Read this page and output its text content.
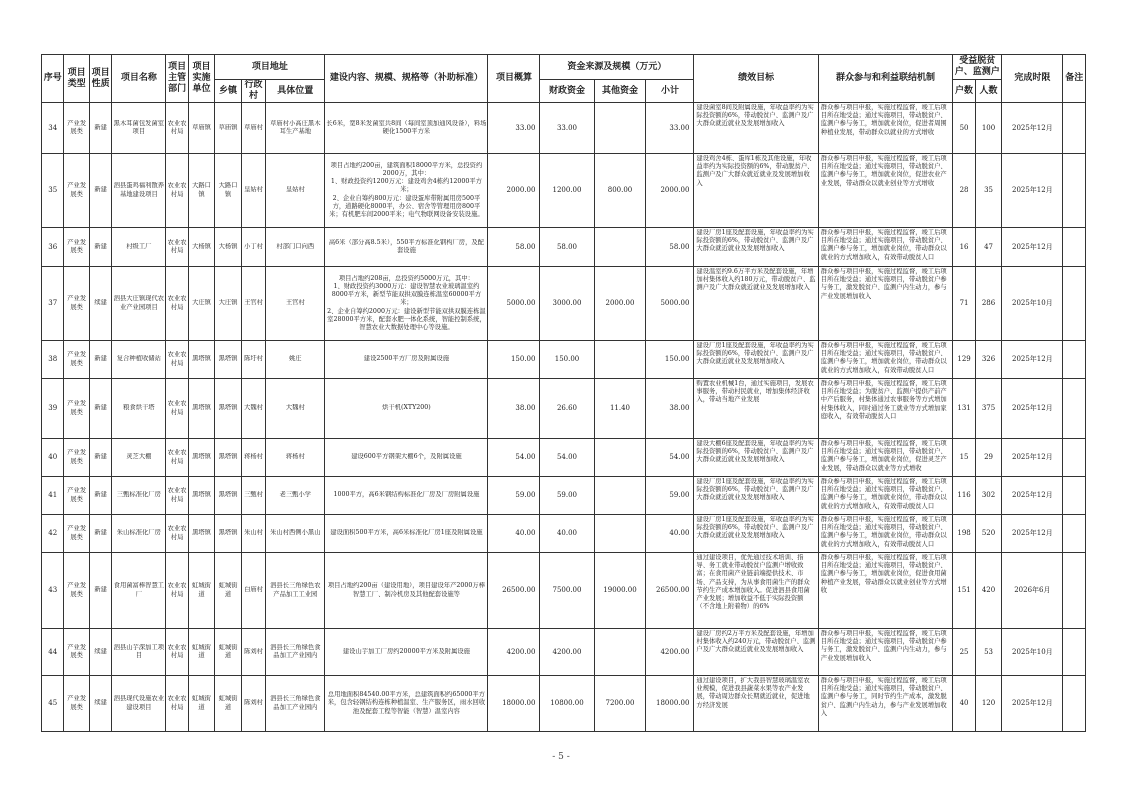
序号	项目类型	项目性质	项目名称	项目主管部门	项目实施单位	项目地址			建设内容、规模、规格等（补助标准）	项目概算	资金来源及规模（万元）			绩效目标	群众参与和利益联结机制	受益脱贫户、监测户		完成时限	备注
						乡镇	行政村	具体位置			财政资金	其他资金	小计			户数	人数		

34	产业发展类	新建	黑木耳菌包发菌室项目	农业农村局	草庙镇	草庙镇	草庙村	草庙村小高庄黑木耳生产基地	长6米，宽8米发菌室共8间（每间室顶加通风设备），料场硬化1500平方米	33.00	33.00		33.00	建设菌室8间及附属设施，年收益率约为实际投资额的6%，带动脱贫户、监测户及广大群众就近就业及发展增加收入	群众参与项目申报，实施过程监督，竣工后项目所在地受益；通过实施项目，带动脱贫户、监测户参与务工，增加就业岗位，促进者周围种植业发展，带动群众以就业的方式增收	50	100	2025年12月	

35	产业发展类	新建	泗县蛋鸡福利散养基地建设项目	农业农村局	大路口镇	大路口镇	皇姑村	皇姑村	项目占地约200亩，建筑面积18000平方米，总投资约2000万，其中：
1、财政投资约1200万元：建设鸡舍4栋约12000平方米；
2、企业自筹约800万元：建设蛋库带附属用房500平方，道路硬化8000平，办公、宿舍等管理用房800平米；有机肥车间2000平米；电气物联网设备安装设施。	2000.00	1200.00	800.00	2000.00	建设鸡舍4栋、蛋库1栋及其他设施，年收益率约为实际投资额的6%，带动脱贫户、监测户及广大群众就近就业及发展增加收入	群众参与项目申报，实施过程监督，竣工后项目所在地受益；通过实施项目，带动脱贫户、监测户参与务工，增加就业岗位，促进农业产业发展，带动群众以就业创业等方式增收	28	35	2025年12月	

36	产业发展类	新建	村级工厂	农业农村局	大杨镇	大杨镇	小丁村	村部门口向西	高6米（部分高8.5米），550平方标准化钢构厂房，及配套设施	58.00	58.00		58.00	建设厂房1座及配套设施，年收益率约为实际投资额的6%，带动脱贫户、监测户及广大群众就近就业及发展增加收入	群众参与项目申报，实施过程监督，竣工后项目所在地受益；通过实施项目，带动脱贫户、监测户参与务工，增加就业岗位，带动群众以就业的方式增加收入，有效带动脱贫人口	16	47	2025年12月	

37	产业发展类	续建	泗县大庄镇现代农业产业园项目	农业农村局	大庄镇	大庄镇	王官村	王官村	项目占地约208亩，总投资约5000万元，其中：
1、财政投资约3000万元：建设智慧农业玻璃温室约8000平方米，新型节能双拱双膜连栋温室60000平方米；
2、企业自筹约2000万元：建设新型节能双拱双膜连栋温室28000平方米，配套水肥一体化系统，智能控制系统，智慧农业大数据处理中心等设施。	5000.00	3000.00	2000.00	5000.00	建设温室约9.6万平方米及配套设施，年增加村集体收入约180万元，带动脱贫户、监测户及广大群众就近就业及发展增加收入	群众参与项目申报，实施过程监督，竣工后项目所在地受益；通过实施项目，带动脱贫户参与务工，激发脱贫户、监测户内生动力，参与产业发展增加收入	71	286	2025年10月	

38	产业发展类	新建	复合种植收储站	农业农村局	黑塔镇	黑塔镇	陈圩村	姚庄	建设2500平方厂房及附属设施	150.00	150.00		150.00	建设厂房1座及配套设施，年收益率约为实际投资额的6%，带动脱贫户、监测户及广大群众就近就业及发展增加收入	群众参与项目申报，实施过程监督，竣工后项目所在地受益；通过实施项目，带动脱贫户、监测户参与务工，增加就业岗位，带动群众以就业的方式增加收入，有效带动脱贫人口	129	326	2025年12月	

39	产业发展类	新建	粮食烘干塔	农业农村局	黑塔镇	黑塔镇	大魏村	大魏村	烘干机(XTY200)	38.00	26.60	11.40	38.00	购置农业机械1台，通过实施项目，发展农事服务，带动村民就业，增加集体经济收入，带动当地产业发展	群众参与项目申报，实施过程监督，竣工后项目所在地受益；为脱贫户、监测户提供产前产中产后服务，村集体通过农事服务等方式增加村集体收入，同时通过务工就业等方式增加家庭收入，有效带动脱贫人口	131	375	2025年12月	

40	产业发展类	新建	灵芝大棚	农业农村局	黑塔镇	黑塔镇	蒋杨村	蒋杨村	建设600平方钢架大棚6个，及附属设施	54.00	54.00		54.00	建设大棚6座及配套设施，年收益率约为实际投资额的6%，带动脱贫户、监测户及广大群众就近就业及发展增加收入	群众参与项目申报，实施过程监督，竣工后项目所在地受益；通过实施项目，带动脱贫户、监测户参与务工，增加就业岗位，促进灵芝产业发展，带动群众以就业等方式增收	15	29	2025年12月	

41	产业发展类	新建	三甄标准化厂房	农业农村局	黑塔镇	黑塔镇	三甄村	老三甄小学	1000平方，高6米钢结构标准化厂房及厂房附属设施	59.00	59.00		59.00	建设厂房1座及配套设施，年收益率约为实际投资额的6%，带动脱贫户、监测户及广大群众就近就业及发展增加收入	群众参与项目申报，实施过程监督，竣工后项目所在地受益；通过实施项目，带动脱贫户、监测户参与务工，增加就业岗位，带动群众以就业的方式增加收入，有效带动脱贫人口	116	302	2025年12月	

42	产业发展类	新建	朱山标准化厂房	农业农村局	黑塔镇	黑塔镇	朱山村	朱山村西侧小黑山	建设面积500平方米，高6米标准化厂房1座及附属设施	40.00	40.00		40.00	建设厂房1座及配套设施，年收益率约为实际投资额的6%，带动脱贫户、监测户及广大群众就近就业及发展增加收入	群众参与项目申报，实施过程监督，竣工后项目所在地受益；通过实施项目，带动脱贫户、监测户参与务工，增加就业岗位，带动群众以就业的方式增加收入，有效带动脱贫人口	198	520	2025年12月	

43	产业发展类	新建	食用菌富棒智慧工厂	农业农村局	虹城街道	虹城街道	白庙村	泗县长三角绿色农产品加工工业园	项目占地约200亩（建设用地），项目建设年产2000万棒智慧工厂、制冷机房及其他配套设施等	26500.00	7500.00	19000.00	26500.00	通过建设项目，优先通过技术培训、指导、务工就业带动脱贫户监测户增收致富；在食用菌产业链前端提供技术、市场、产品支持，为从事食用菌生产的群众节约生产成本增加收入。促进泗县食用菌产业发展；增加收益不低于实际投资额（不含地上附着物）的6%	群众参与项目申报，实施过程监督，竣工后项目所在地受益；通过实施项目，带动脱贫户、监测户参与务工，增加就业岗位，促进食用菌种植产业发展，带动群众以就业创业等方式增收	151	420	2026年6月	

44	产业发展类	续建	泗县山芋深加工项目	农业农村局	虹城街道	虹城街道	陈刘村	泗县长三角绿色食品加工产业园内	建设山芋加工厂房约20000平方米及附属设施	4200.00	4200.00		4200.00	建设厂房约2万平方米及配套设施，年增加村集体收入约240万元，带动脱贫户、监测户及广大群众就近就业及发展增加收入	群众参与项目申报，实施过程监督，竣工后项目所在地受益；通过实施项目，带动脱贫户参与务工，激发脱贫户、监测户内生动力，参与产业发展增加收入	25	53	2025年10月	

45	产业发展类	续建	泗县现代设施农业建设项目	农业农村局	虹城街道	虹城街道	陈刘村	泗县长三角绿色食品加工产业园内	总用地面积84540.00平方米，总建筑面积约65000平方米，包含轻钢结构连栋种植温室、生产服务区，雨水回收池及配套工程等智能（智慧）温室内容	18000.00	10800.00	7200.00	18000.00	通过建设项目，扩大我县智慧玻璃温室农业规模，促进我县蔬菜水果等农产业发展，带动周边群众长期就近就业，促进地方经济发展	群众参与项目申报，实施过程监督，竣工后项目所在地受益；通过实施项目，带动脱贫户、监测户参与务工，同时节约生产成本，激发脱贫户、监测户内生动力，参与产业发展增加收入	40	120	2025年12月	

- 5 -
